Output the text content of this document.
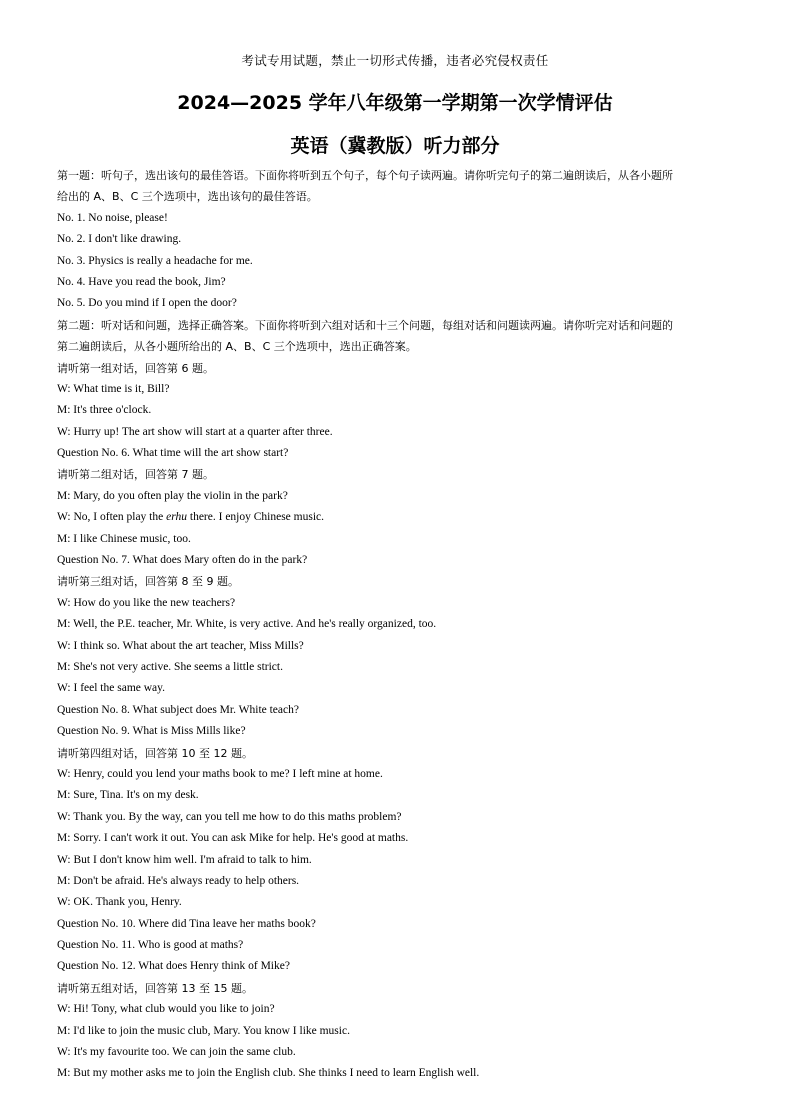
考试专用试题，禁止一切形式传播，违者必究侵权责任
2024—2025 学年八年级第一学期第一次学情评估
英语（冀教版）听力部分
第一题：听句子，选出该句的最佳答语。下面你将听到五个句子，每个句子读两遍。请你听完句子的第二遍朗读后，从各小题所
给出的 A、B、C 三个选项中，选出该句的最佳答语。
No. 1. No noise, please!
No. 2. I don't like drawing.
No. 3. Physics is really a headache for me.
No. 4. Have you read the book, Jim?
No. 5. Do you mind if I open the door?
第二题：听对话和问题，选择正确答案。下面你将听到六组对话和十三个问题，每组对话和问题读两遍。请你听完对话和问题的
第二遍朗读后，从各小题所给出的 A、B、C 三个选项中，选出正确答案。
请听第一组对话，回答第 6 题。
W: What time is it, Bill?
M: It's three o'clock.
W: Hurry up! The art show will start at a quarter after three.
Question No. 6. What time will the art show start?
请听第二组对话，回答第 7 题。
M: Mary, do you often play the violin in the park?
W: No, I often play the erhu there. I enjoy Chinese music.
M: I like Chinese music, too.
Question No. 7. What does Mary often do in the park?
请听第三组对话，回答第 8 至 9 题。
W: How do you like the new teachers?
M: Well, the P.E. teacher, Mr. White, is very active. And he's really organized, too.
W: I think so. What about the art teacher, Miss Mills?
M: She's not very active. She seems a little strict.
W: I feel the same way.
Question No. 8. What subject does Mr. White teach?
Question No. 9. What is Miss Mills like?
请听第四组对话，回答第 10 至 12 题。
W: Henry, could you lend your maths book to me? I left mine at home.
M: Sure, Tina. It's on my desk.
W: Thank you. By the way, can you tell me how to do this maths problem?
M: Sorry. I can't work it out. You can ask Mike for help. He's good at maths.
W: But I don't know him well. I'm afraid to talk to him.
M: Don't be afraid. He's always ready to help others.
W: OK. Thank you, Henry.
Question No. 10. Where did Tina leave her maths book?
Question No. 11. Who is good at maths?
Question No. 12. What does Henry think of Mike?
请听第五组对话，回答第 13 至 15 题。
W: Hi! Tony, what club would you like to join?
M: I'd like to join the music club, Mary. You know I like music.
W: It's my favourite too. We can join the same club.
M: But my mother asks me to join the English club. She thinks I need to learn English well.
